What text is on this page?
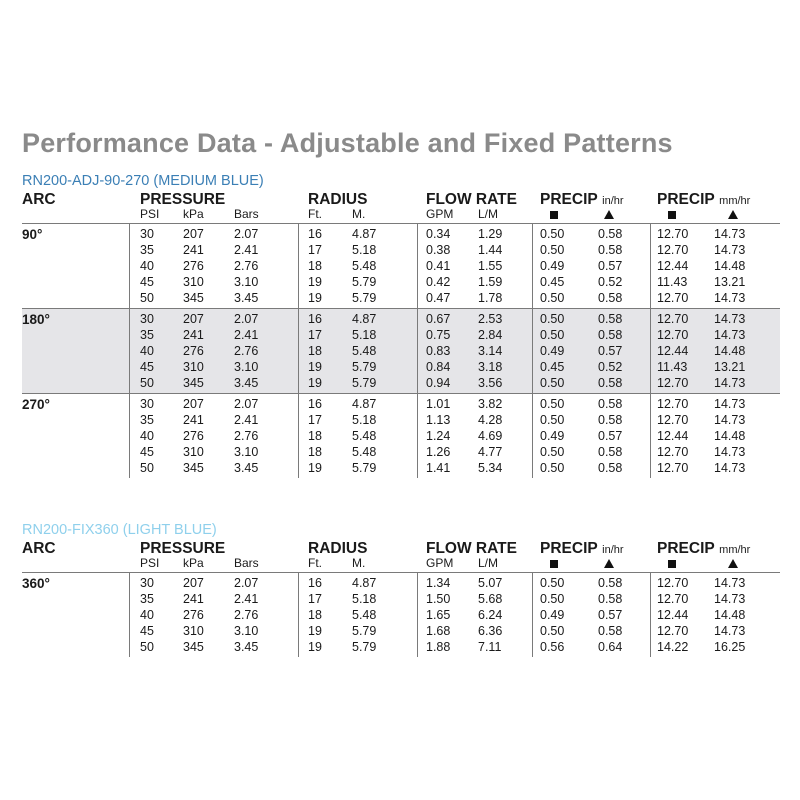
Performance Data - Adjustable and Fixed Patterns
RN200-ADJ-90-270 (MEDIUM BLUE)
ARC	PRESSURE	RADIUS	FLOW RATE PRECIP in/hr PRECIP mm/hr
PSI kPa	Bars	Ft.	M.	GPM L/M
90°	30 207 2.07	16 4.87	0.34 1.29	0.50	0.58	12.70 14.73
35 241 2.41	17 5.18	0.38 1.44	0.50	0.58	12.70 14.73
40 276 2.76	18 5.48	0.41 1.55	0.49	0.57	12.44 14.48
45 310 3.10	19 5.79	0.42 1.59	0.45	0.52	11.43 13.21
50 345 3.45	19 5.79	0.47 1.78	0.50	0.58	12.70 14.73
180°	30 207 2.07	16 4.87	0.67 2.53	0.50	0.58	12.70 14.73
35 241 2.41	17 5.18	0.75 2.84	0.50	0.58	12.70 14.73
40 276 2.76	18 5.48	0.83 3.14	0.49	0.57	12.44 14.48
45 310 3.10	19 5.79	0.84 3.18	0.45	0.52	11.43 13.21
50 345 3.45	19 5.79	0.94 3.56	0.50	0.58	12.70 14.73
270°	30 207 2.07	16 4.87	1.01 3.82	0.50	0.58	12.70 14.73
35 241 2.41	17 5.18	1.13 4.28	0.50	0.58	12.70 14.73
40 276 2.76	18 5.48	1.24 4.69	0.49	0.57	12.44 14.48
45 310 3.10	18 5.48	1.26 4.77	0.50	0.58	12.70 14.73
50 345 3.45	19 5.79	1.41 5.34	0.50	0.58	12.70 14.73
RN200-FIX360 (LIGHT BLUE)
ARC	PRESSURE	RADIUS	FLOW RATE PRECIP in/hr PRECIP mm/hr
PSI kPa	Bars	Ft.	M.	GPM L/M
360°	30 207 2.07	16 4.87	1.34 5.07	0.50	0.58	12.70 14.73
35 241 2.41	17 5.18	1.50 5.68	0.50	0.58	12.70 14.73
40 276 2.76	18 5.48	1.65 6.24	0.49	0.57	12.44 14.48
45 310 3.10	19 5.79	1.68 6.36	0.50	0.58	12.70 14.73
50 345 3.45	19 5.79	1.88 7.11	0.56	0.64	14.22 16.25
